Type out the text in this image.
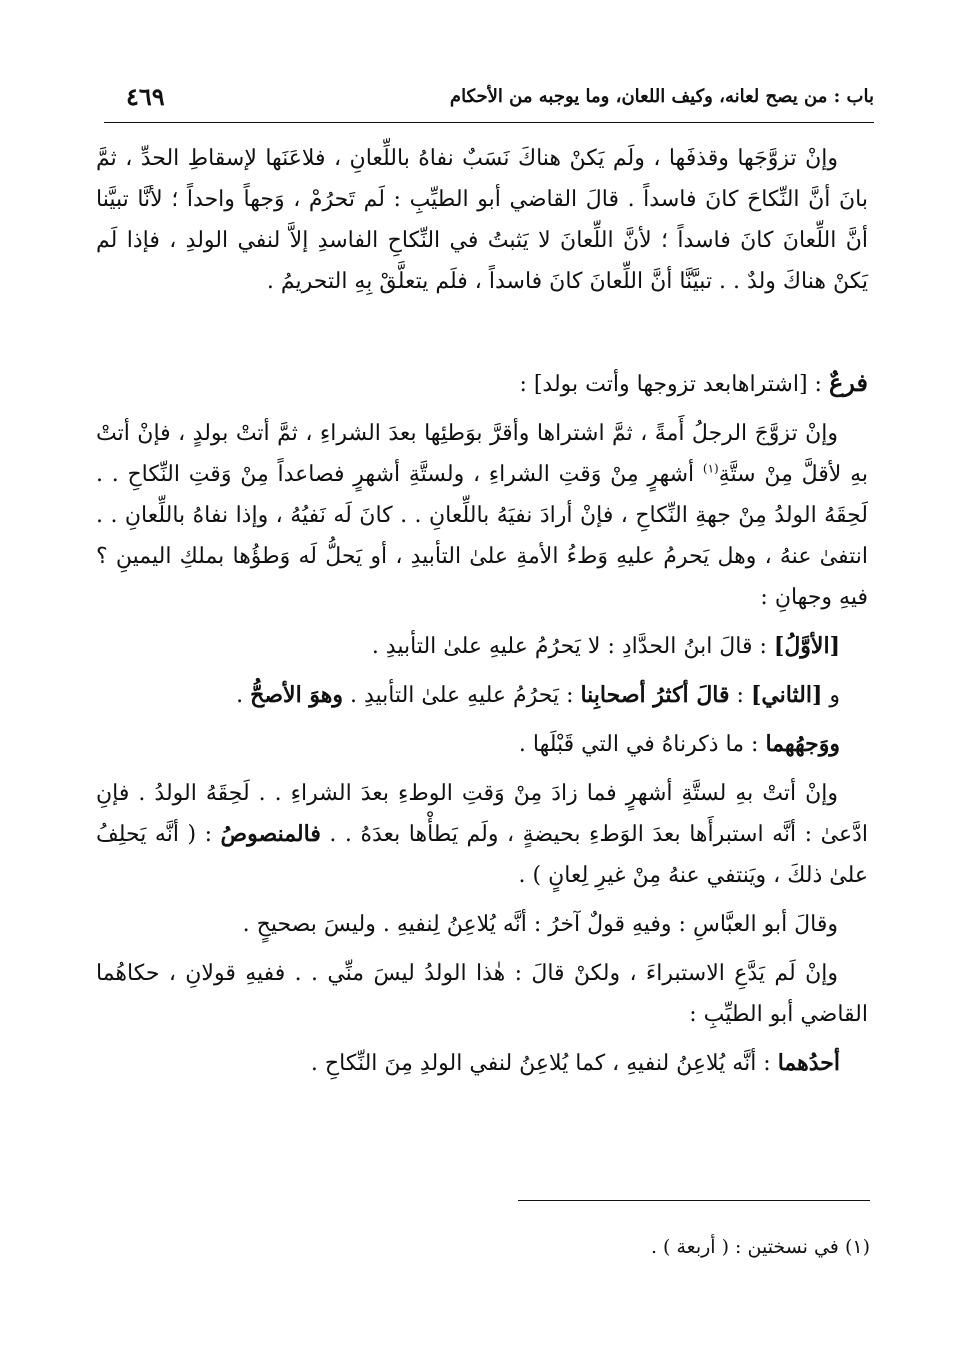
باب : من يصح لعانه، وكيف اللعان، وما يوجبه من الأحكام
٤٦٩

وإنْ تزوَّجَها وقذفَها ، ولَم يَكنْ هناكَ نَسَبٌ نفاهُ باللِّعانِ ، فلاعَنَها لإسقاطِ الحدِّ ، ثمَّ بانَ أنَّ النِّكاحَ كانَ فاسداً . قالَ القاضي أبو الطيِّبِ : لَم تَحرُمْ ، وَجهاً واحداً ؛ لأنَّا تبيَّنا أنَّ اللِّعانَ كانَ فاسداً ؛ لأنَّ اللِّعانَ لا يَثبتُ في النِّكاحِ الفاسدِ إلاَّ لنفي الولدِ ، فإذا لَم يَكنْ هناكَ ولدٌ . . تبيَّنَّا أنَّ اللِّعانَ كانَ فاسداً ، فلَم يتعلَّقْ بِهِ التحريمُ .

فرعٌ : [اشتراهابعد تزوجها وأتت بولد] :

وإنْ تزوَّجَ الرجلُ أَمةً ، ثمَّ اشتراها وأقرَّ بوَطئِها بعدَ الشراءِ ، ثمَّ أتتْ بولدٍ ، فإنْ أتتْ بهِ لأقلَّ مِنْ ستَّةِ$^{(١)}$ أشهرٍ مِنْ وَقتِ الشراءِ ، ولستَّةِ أشهرٍ فصاعداً مِنْ وَقتِ النِّكاحِ . . لَحِقَهُ الولدُ مِنْ جهةِ النِّكاحِ ، فإنْ أرادَ نفيَهُ باللِّعانِ . . كانَ لَه نَفيُهُ ، وإذا نفاهُ باللِّعانِ . . انتفىٰ عنهُ ، وهل يَحرمُ عليهِ وَطءُ الأمةِ علىٰ التأبيدِ ، أو يَحلُّ لَه وَطؤُها بملكِ اليمينِ ؟ فيهِ وجهانِ :

[الأوَّلُ] : قالَ ابنُ الحدَّادِ : لا يَحرُمُ عليهِ علىٰ التأبيدِ .

و [الثاني] : قالَ أكثرُ أصحابِنا : يَحرُمُ عليهِ علىٰ التأبيدِ . وهوَ الأصحُّ .

ووَجهُهما : ما ذكرناهُ في التي قَبْلَها .

وإنْ أتتْ بهِ لستَّةِ أشهرٍ فما زادَ مِنْ وَقتِ الوطءِ بعدَ الشراءِ . . لَحِقَهُ الولدُ . فإنِ ادَّعىٰ : أنَّه استبرأَها بعدَ الوَطءِ بحيضةٍ ، ولَم يَطأْها بعدَهُ . . فالمنصوصُ : ( أنَّه يَحلِفُ علىٰ ذلكَ ، ويَنتفي عنهُ مِنْ غيرِ لِعانٍ ) .

وقالَ أبو العبَّاسِ : وفيهِ قولٌ آخرُ : أنَّه يُلاعِنُ لِنفيهِ . وليسَ بصحيحٍ .

وإنْ لَم يَدَّعِ الاستبراءَ ، ولكنْ قالَ : هٰذا الولدُ ليسَ منِّي . . ففيهِ قولانِ ، حكاهُما القاضي أبو الطيِّبِ :

أحدُهما : أنَّه يُلاعِنُ لنفيهِ ، كما يُلاعِنُ لنفي الولدِ مِنَ النِّكاحِ .

(١) في نسختين : ( أربعة ) .
